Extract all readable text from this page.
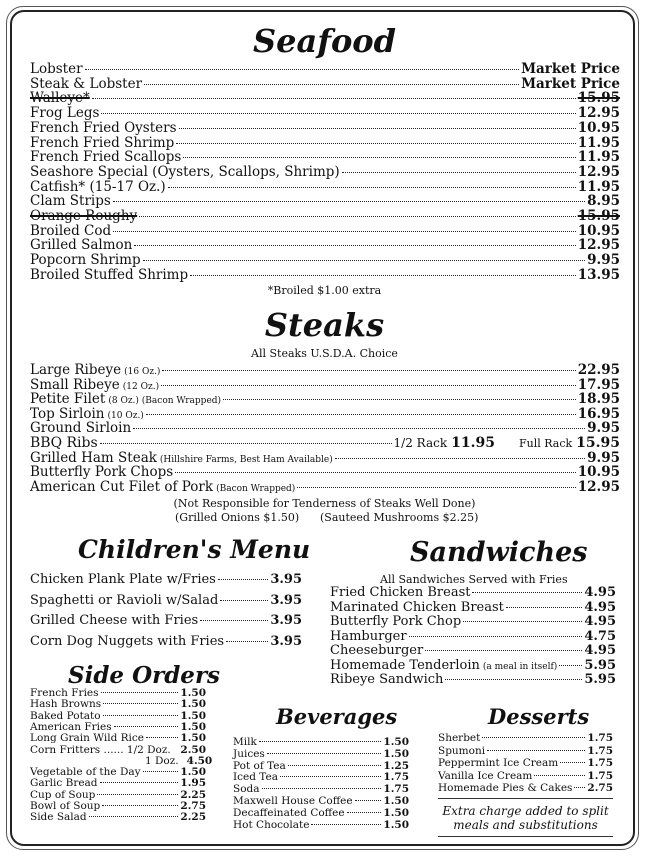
Seafood
Lobster	Market Price
Steak & Lobster	Market Price
Walleye*	15.95
Frog Legs	12.95
French Fried Oysters	10.95
French Fried Shrimp	11.95
French Fried Scallops	11.95
Seashore Special (Oysters, Scallops, Shrimp)	12.95
Catfish* (15-17 Oz.)	11.95
Clam Strips	8.95
Orange Roughy	15.95
Broiled Cod	10.95
Grilled Salmon	12.95
Popcorn Shrimp	9.95
Broiled Stuffed Shrimp	13.95
*Broiled $1.00 extra
Steaks
All Steaks U.S.D.A. Choice
Large Ribeye (16 Oz.)	22.95
Small Ribeye (12 Oz.)	17.95
Petite Filet (8 Oz.) (Bacon Wrapped)	18.95
Top Sirloin (10 Oz.)	16.95
Ground Sirloin	9.95
Grilled Ham Steak (Hillshire Farms, Best Ham Available)	9.95
Butterfly Pork Chops	10.95
American Cut Filet of Pork (Bacon Wrapped)	12.95
BBQ Ribs	1/2 Rack 11.95 Full Rack 15.95
(Not Responsible for Tenderness of Steaks Well Done)
(Grilled Onions $1.50) (Sauteed Mushrooms $2.25)
Children's Menu
Chicken Plank Plate w/Fries	3.95
Spaghetti or Ravioli w/Salad	3.95
Grilled Cheese with Fries	3.95
Corn Dog Nuggets with Fries	3.95
Sandwiches
All Sandwiches Served with Fries
Fried Chicken Breast	4.95
Marinated Chicken Breast	4.95
Butterfly Pork Chop	4.95
Hamburger	4.75
Cheeseburger	4.95
Homemade Tenderloin (a meal in itself) 5.95
Ribeye Sandwich	5.95
Side Orders
French Fries	1.50
Hash Browns	1.50
Baked Potato	1.50
American Fries	1.50
Long Grain Wild Rice	1.50
Corn Fritters ...... 1/2 Doz. 2.50
1 Doz. 4.50
Vegetable of the Day	1.50
Garlic Bread	1.95
Cup of Soup	2.25
Bowl of Soup	2.75
Side Salad	2.25
Beverages
Milk	1.50
Juices	1.50
Pot of Tea	1.25
Iced Tea	1.75
Soda	1.75
Maxwell House Coffee	1.50
Decaffeinated Coffee	1.50
Hot Chocolate	1.50
Desserts
Sherbet	1.75
Spumoni	1.75
Peppermint Ice Cream	1.75
Vanilla Ice Cream	1.75
Homemade Pies & Cakes 2.75
Extra charge added to split
meals and substitutions
